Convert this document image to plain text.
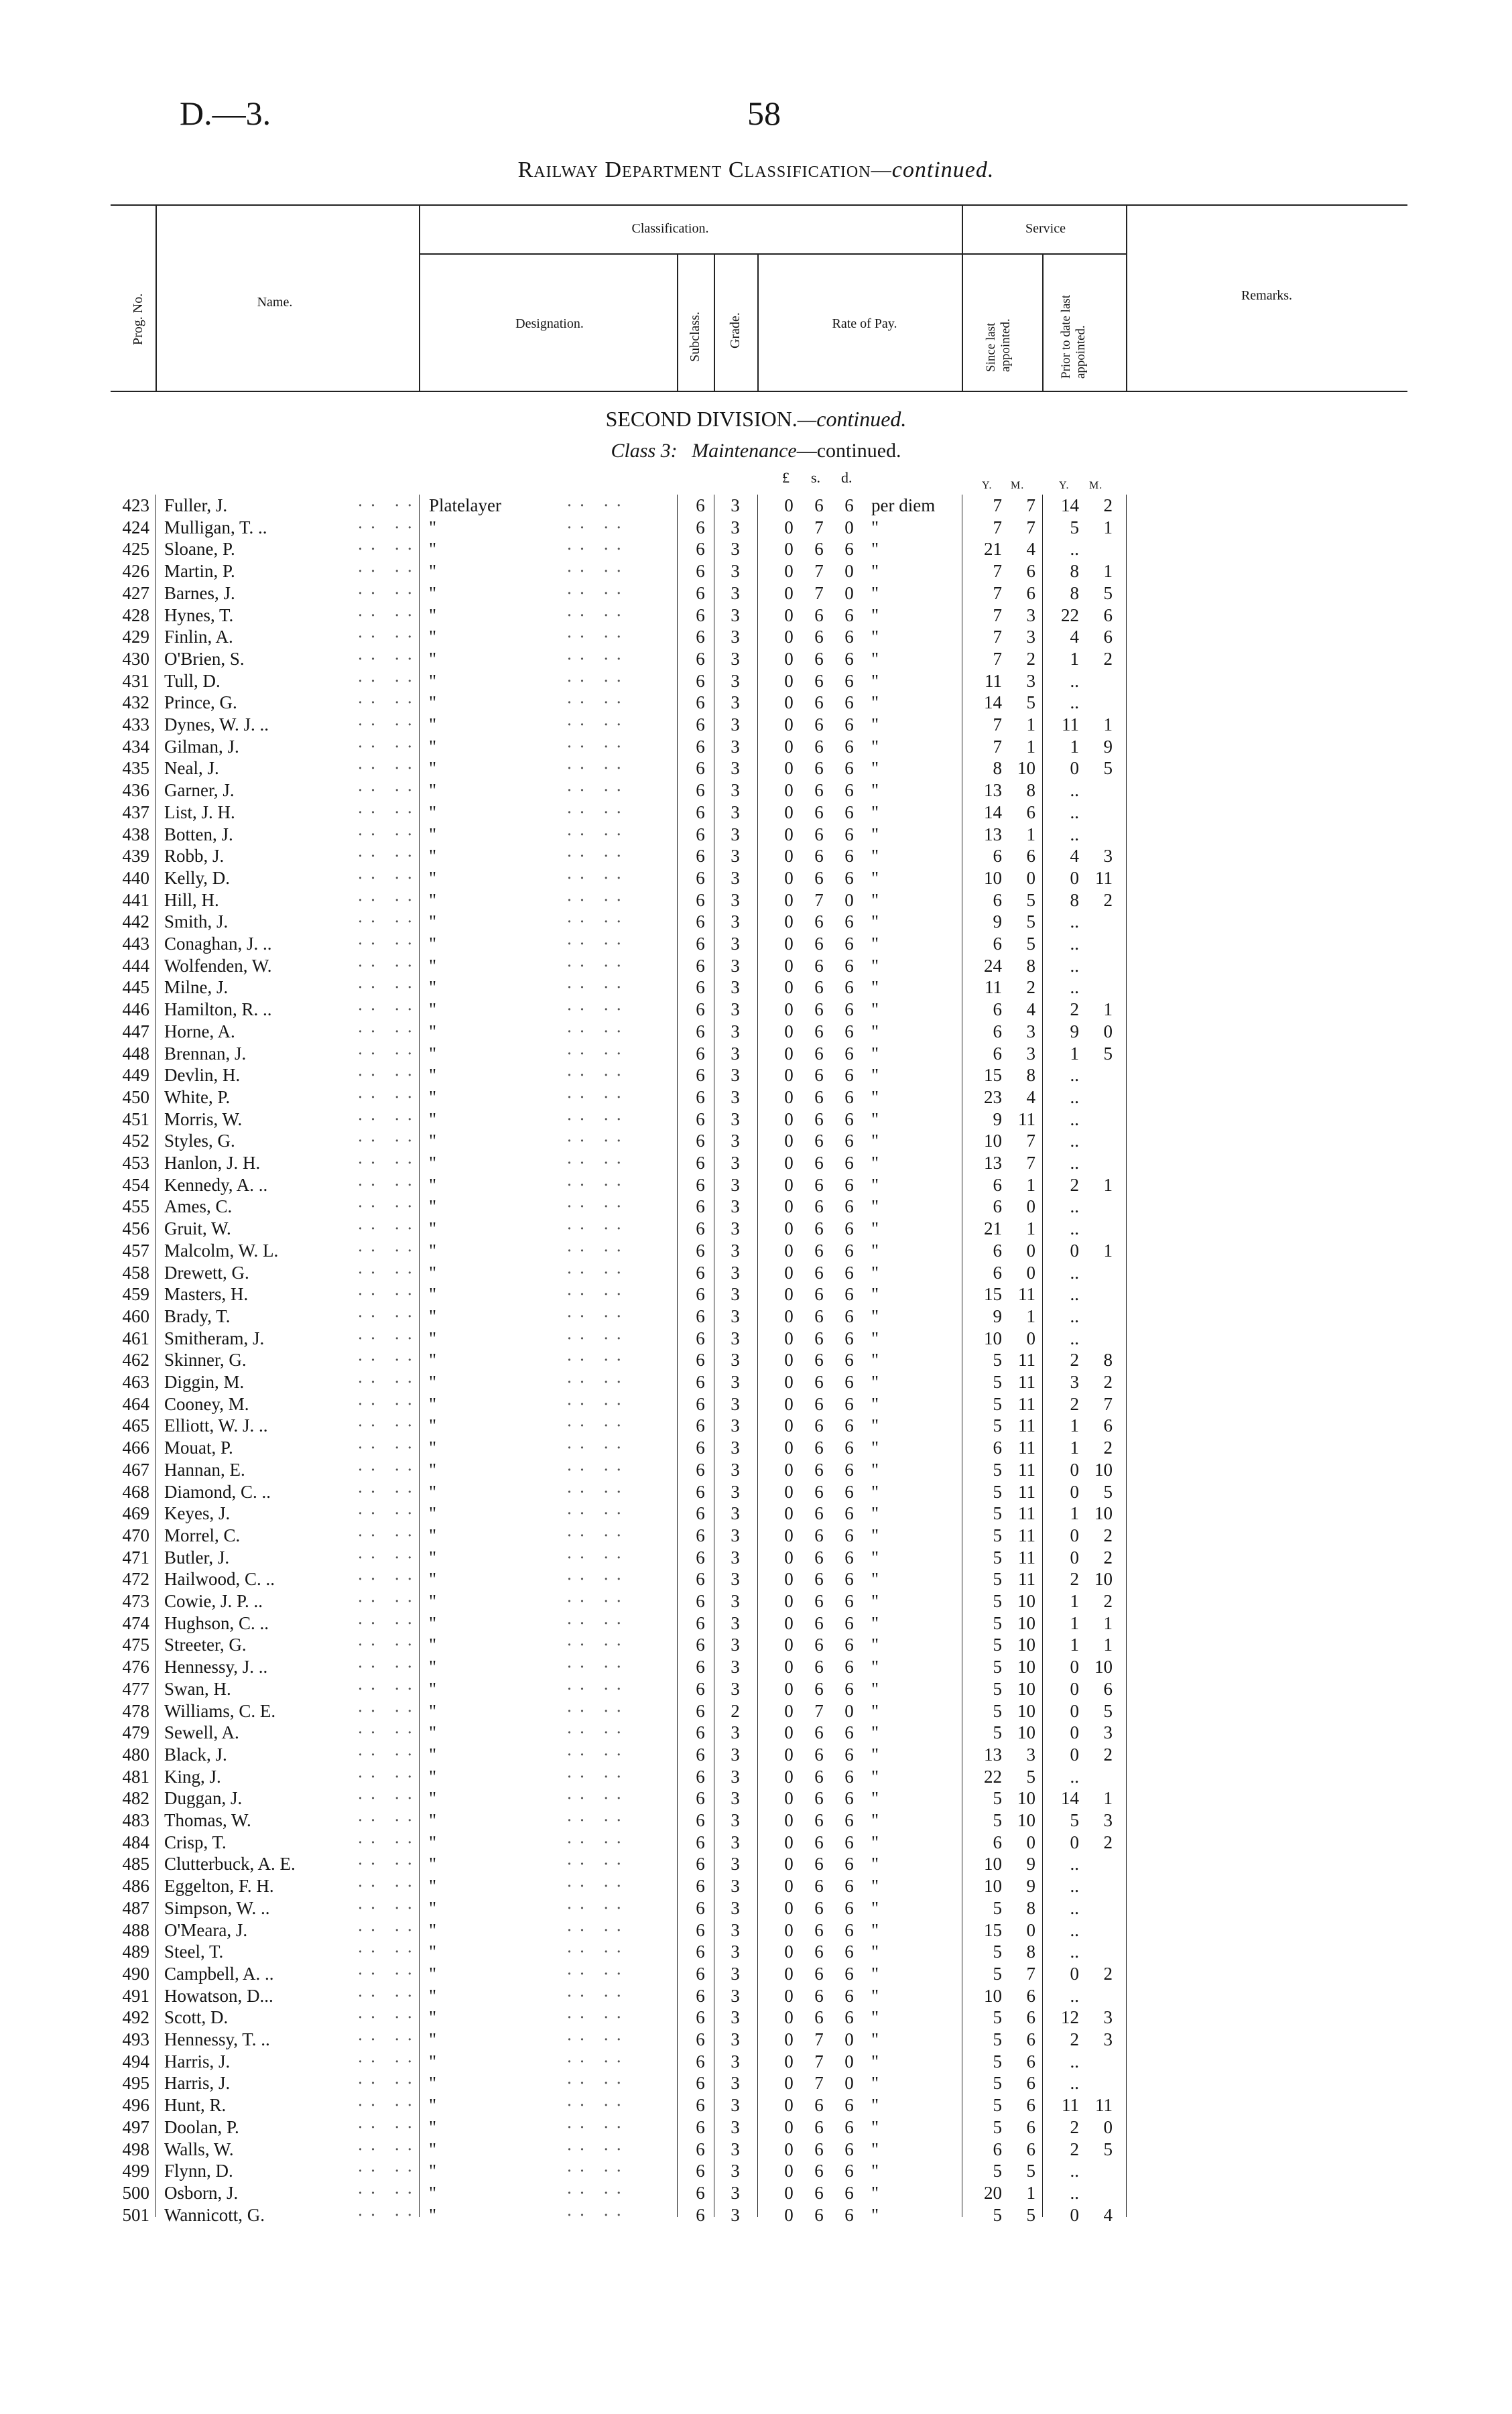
D.—3.	58
Railway Department Classification—continued.
Prog. No.	Name.
Classification.
Designation.	Subclass. Grade.	Rate of Pay.
Service
Since last appointed.	Prior to date last appointed.
Remarks.
SECOND DIVISION.—continued.
Class 3: Maintenance—continued.
£ s. d.	Y. M.	Y. M.
423 Fuller, J.	Platelayer	6	3	0 6 6 per diem	7	7	14	2
·· ··	·· ··
424 Mulligan, T. ..	"	6	3	0 7 0 "	7	7	5	1
·· ··	·· ··
425 Sloane, P.	"	6	3	0 6 6 "	21	4	..
·· ··	·· ··
426 Martin, P.	"	6	3	0 7 0 "	7	6	8	1
·· ··	·· ··
427 Barnes, J.	"	6	3	0 7 0 "	7	6	8	5
·· ··	·· ··
428 Hynes, T.	"	6	3	0 6 6 "	7	3	22	6
·· ··	·· ··
429 Finlin, A.	"	6	3	0 6 6 "	7	3	4	6
·· ··	·· ··
430 O'Brien, S.	"	6	3	0 6 6 "	7	2	1	2
·· ··	·· ··
431 Tull, D.	"	6	3	0 6 6 "	11	3	..
·· ··	·· ··
432 Prince, G.	"	6	3	0 6 6 "	14	5	..
·· ··	·· ··
433 Dynes, W. J. ..	"	6	3	0 6 6 "	7	1	11	1
·· ··	·· ··
434 Gilman, J.	"	6	3	0 6 6 "	7	1	1	9
·· ··	·· ··
435 Neal, J.	"	6	3	0 6 6 "	8 10	0	5
·· ··	·· ··
436 Garner, J.	"	6	3	0 6 6 "	13	8	..
·· ··	·· ··
437 List, J. H.	"	6	3	0 6 6 "	14	6	..
·· ··	·· ··
438 Botten, J.	"	6	3	0 6 6 "	13	1	..
·· ··	·· ··
439 Robb, J.	"	6	3	0 6 6 "	6	6	4	3
·· ··	·· ··
440 Kelly, D.	"	6	3	0 6 6 "	10	0	0 11
·· ··	·· ··
441 Hill, H.	"	6	3	0 7 0 "	6	5	8	2
·· ··	·· ··
442 Smith, J.	"	6	3	0 6 6 "	9	5	..
·· ··	·· ··
443 Conaghan, J. ..	"	6	3	0 6 6 "	6	5	..
·· ··	·· ··
444 Wolfenden, W.	"	6	3	0 6 6 "	24	8	..
·· ··	·· ··
445 Milne, J.	"	6	3	0 6 6 "	11	2	..
·· ··	·· ··
446 Hamilton, R. ..	"	6	3	0 6 6 "	6	4	2	1
·· ··	·· ··
447 Horne, A.	"	6	3	0 6 6 "	6	3	9	0
·· ··	·· ··
448 Brennan, J.	"	6	3	0 6 6 "	6	3	1	5
·· ··	·· ··
449 Devlin, H.	"	6	3	0 6 6 "	15	8	..
·· ··	·· ··
450 White, P.	"	6	3	0 6 6 "	23	4	..
·· ··	·· ··
451 Morris, W.	"	6	3	0 6 6 "	9 11	..
·· ··	·· ··
452 Styles, G.	"	6	3	0 6 6 "	10	7	..
·· ··	·· ··
453 Hanlon, J. H.	"	6	3	0 6 6 "	13	7	..
·· ··	·· ··
454 Kennedy, A. ..	"	6	3	0 6 6 "	6	1	2	1
·· ··	·· ··
455 Ames, C.	"	6	3	0 6 6 "	6	0	..
·· ··	·· ··
456 Gruit, W.	"	6	3	0 6 6 "	21	1	..
·· ··	·· ··
457 Malcolm, W. L.	"	6	3	0 6 6 "	6	0	0	1
·· ··	·· ··
458 Drewett, G.	"	6	3	0 6 6 "	6	0	..
·· ··	·· ··
459 Masters, H.	"	6	3	0 6 6 "	15 11	..
·· ··	·· ··
460 Brady, T.	"	6	3	0 6 6 "	9	1	..
·· ··	·· ··
461 Smitheram, J.	"	6	3	0 6 6 "	10	0	..
·· ··	·· ··
462 Skinner, G.	"	6	3	0 6 6 "	5 11	2	8
·· ··	·· ··
463 Diggin, M.	"	6	3	0 6 6 "	5 11	3	2
·· ··	·· ··
464 Cooney, M.	"	6	3	0 6 6 "	5 11	2	7
·· ··	·· ··
465 Elliott, W. J. ..	"	6	3	0 6 6 "	5 11	1	6
·· ··	·· ··
466 Mouat, P.	"	6	3	0 6 6 "	6 11	1	2
·· ··	·· ··
467 Hannan, E.	"	6	3	0 6 6 "	5 11	0 10
·· ··	·· ··
468 Diamond, C. ..	"	6	3	0 6 6 "	5 11	0	5
·· ··	·· ··
469 Keyes, J.	"	6	3	0 6 6 "	5 11	1 10
·· ··	·· ··
470 Morrel, C.	"	6	3	0 6 6 "	5 11	0	2
·· ··	·· ··
471 Butler, J.	"	6	3	0 6 6 "	5 11	0	2
·· ··	·· ··
472 Hailwood, C. ..	"	6	3	0 6 6 "	5 11	2 10
·· ··	·· ··
473 Cowie, J. P. ..	"	6	3	0 6 6 "	5 10	1	2
·· ··	·· ··
474 Hughson, C. ..	"	6	3	0 6 6 "	5 10	1	1
·· ··	·· ··
475 Streeter, G.	"	6	3	0 6 6 "	5 10	1	1
·· ··	·· ··
476 Hennessy, J. ..	"	6	3	0 6 6 "	5 10	0 10
·· ··	·· ··
477 Swan, H.	"	6	3	0 6 6 "	5 10	0	6
·· ··	·· ··
478 Williams, C. E.	"	6	2	0 7 0 "	5 10	0	5
·· ··	·· ··
479 Sewell, A.	"	6	3	0 6 6 "	5 10	0	3
·· ··	·· ··
480 Black, J.	"	6	3	0 6 6 "	13	3	0	2
·· ··	·· ··
481 King, J.	"	6	3	0 6 6 "	22	5	..
·· ··	·· ··
482 Duggan, J.	"	6	3	0 6 6 "	5 10	14	1
·· ··	·· ··
483 Thomas, W.	"	6	3	0 6 6 "	5 10	5	3
·· ··	·· ··
484 Crisp, T.	"	6	3	0 6 6 "	6	0	0	2
·· ··	·· ··
485 Clutterbuck, A. E.	"	6	3	0 6 6 "	10	9	..
·· ··	·· ··
486 Eggelton, F. H.	"	6	3	0 6 6 "	10	9	..
·· ··	·· ··
487 Simpson, W. ..	"	6	3	0 6 6 "	5	8	..
·· ··	·· ··
488 O'Meara, J.	"	6	3	0 6 6 "	15	0	..
·· ··	·· ··
489 Steel, T.	"	6	3	0 6 6 "	5	8	..
·· ··	·· ··
490 Campbell, A. ..	"	6	3	0 6 6 "	5	7	0	2
·· ··	·· ··
491 Howatson, D...	"	6	3	0 6 6 "	10	6	..
·· ··	·· ··
492 Scott, D.	"	6	3	0 6 6 "	5	6	12	3
·· ··	·· ··
493 Hennessy, T. ..	"	6	3	0 7 0 "	5	6	2	3
·· ··	·· ··
494 Harris, J.	"	6	3	0 7 0 "	5	6	..
·· ··	·· ··
495 Harris, J.	"	6	3	0 7 0 "	5	6	..
·· ··	·· ··
496 Hunt, R.	"	6	3	0 6 6 "	5	6	11 11
·· ··	·· ··
497 Doolan, P.	"	6	3	0 6 6 "	5	6	2	0
·· ··	·· ··
498 Walls, W.	"	6	3	0 6 6 "	6	6	2	5
·· ··	·· ··
499 Flynn, D.	"	6	3	0 6 6 "	5	5	..
·· ··	·· ··
500 Osborn, J.	"	6	3	0 6 6 "	20	1	..
·· ··	·· ··
501 Wannicott, G.	"	6	3	0 6 6 "	5	5	0	4
·· ··	·· ··
